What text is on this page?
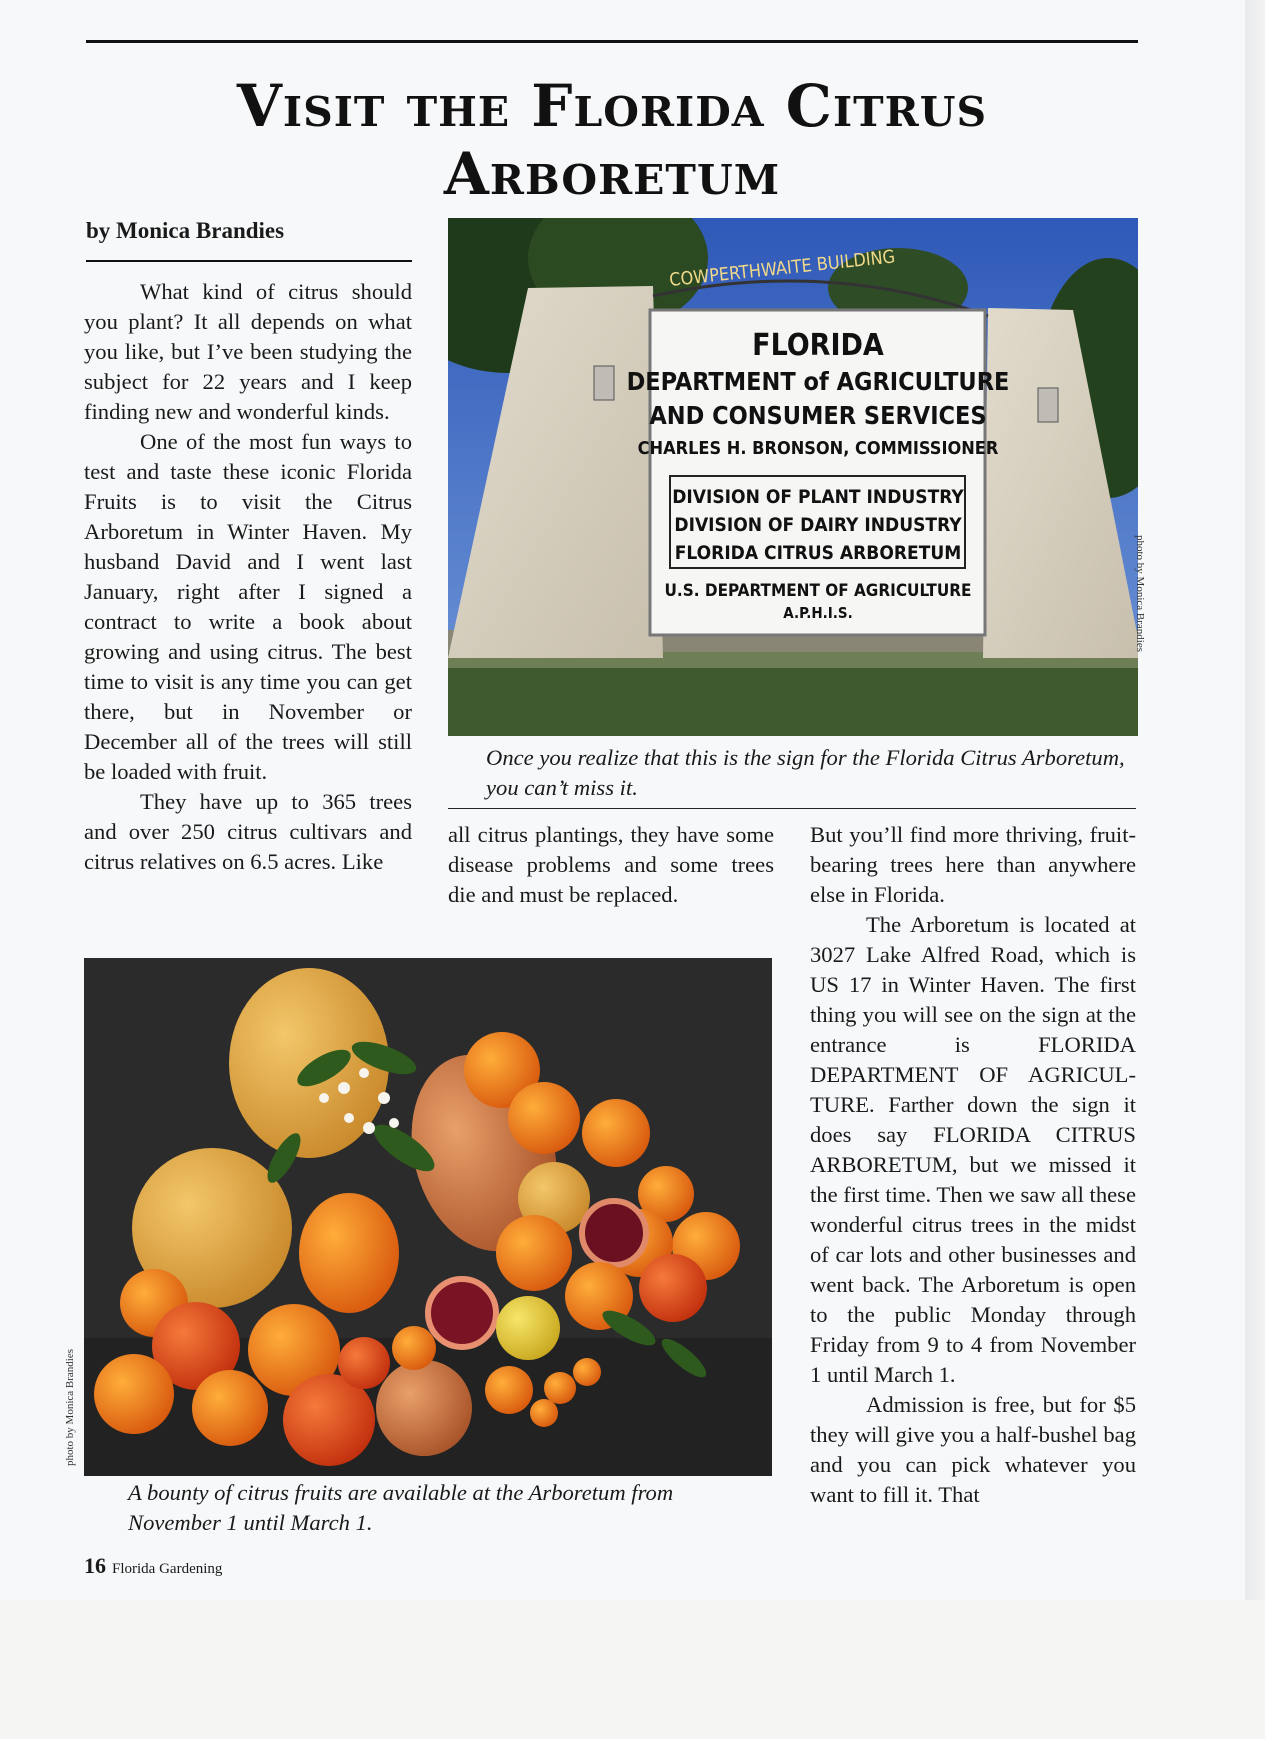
Visit the Florida Citrus Arboretum
by Monica Brandies

What kind of citrus should you plant? It all depends on what you like, but I’ve been studying the subject for 22 years and I keep finding new and wonderful kinds.

One of the most fun ways to test and taste these iconic Florida Fruits is to visit the Citrus Arboretum in Winter Haven. My husband David and I went last January, right after I signed a contract to write a book about growing and using citrus. The best time to visit is any time you can get there, but in November or December all of the trees will still be loaded with fruit.

They have up to 365 trees and over 250 citrus cultivars and citrus relatives on 6.5 acres. Like

COWPERTHWAITE BUILDING
FLORIDA
DEPARTMENT of AGRICULTURE
AND CONSUMER SERVICES
CHARLES H. BRONSON, COMMISSIONER
DIVISION OF PLANT INDUSTRY
DIVISION OF DAIRY INDUSTRY
FLORIDA CITRUS ARBORETUM
U.S. DEPARTMENT OF AGRICULTURE
A.P.H.I.S.	photo by Monica Brandies
Once you realize that this is the sign for the Florida Citrus Arboretum, you can’t miss it.

all citrus plantings, they have some disease problems and some trees die and must be replaced.

But you’ll find more thriving, fruit-bearing trees here than anywhere else in Florida.

The Arboretum is located at 3027 Lake Alfred Road, which is US 17 in Winter Haven. The first thing you will see on the sign at the entrance is FLORIDA DEPARTMENT OF AGRICUL-TURE. Farther down the sign it does say FLORIDA CITRUS ARBORETUM, but we missed it the first time. Then we saw all these wonderful citrus trees in the midst of car lots and other businesses and went back. The Arboretum is open to the public Monday through Friday from 9 to 4 from November 1 until March 1.

Admission is free, but for $5 they will give you a half-bushel bag and you can pick whatever you want to fill it. That

photo by Monica Brandies
A bounty of citrus fruits are available at the Arboretum from November 1 until March 1.
16 Florida Gardening
